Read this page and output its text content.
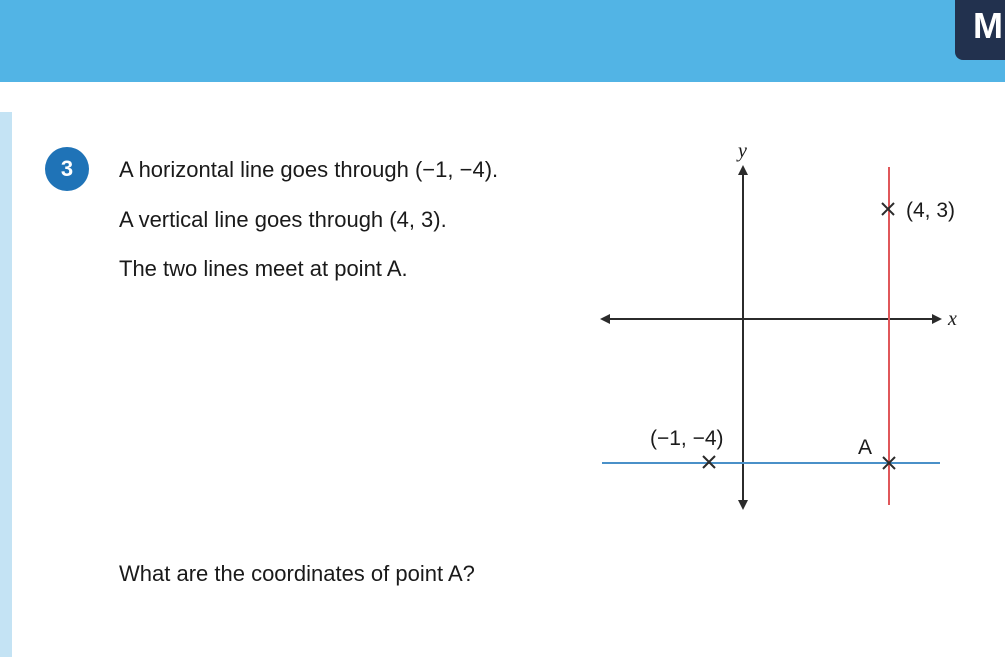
M
3	A horizontal line goes through (−1, −4).
A vertical line goes through (4, 3).
The two lines meet at point A.
What are the coordinates of point A?
y
x
(4, 3)
(−1, −4)	A
